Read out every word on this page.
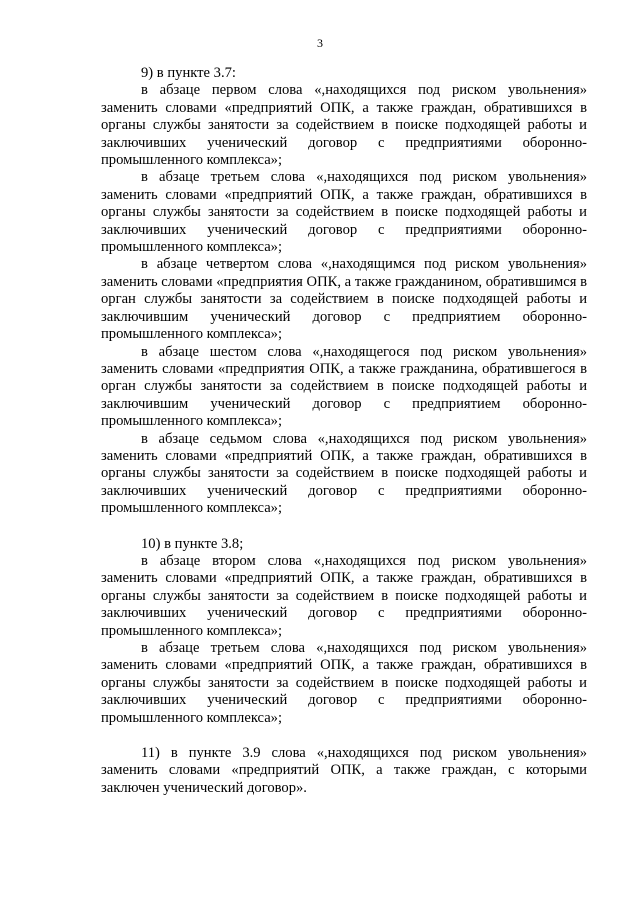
3

9) в пункте 3.7:

в абзаце первом слова «,находящихся под риском увольнения» заменить словами «предприятий ОПК, а также граждан, обратившихся в органы службы занятости за содействием в поиске подходящей работы и заключивших ученический договор с предприятиями оборонно-промышленного комплекса»;

в абзаце третьем слова «,находящихся под риском увольнения» заменить словами «предприятий ОПК, а также граждан, обратившихся в органы службы занятости за содействием в поиске подходящей работы и заключивших ученический договор с предприятиями оборонно-промышленного комплекса»;

в абзаце четвертом слова «,находящимся под риском увольнения» заменить словами «предприятия ОПК, а также гражданином, обратившимся в орган службы занятости за содействием в поиске подходящей работы и заключившим ученический договор с предприятием оборонно-промышленного комплекса»;

в абзаце шестом слова «,находящегося под риском увольнения» заменить словами «предприятия ОПК, а также гражданина, обратившегося в орган службы занятости за содействием в поиске подходящей работы и заключившим ученический договор с предприятием оборонно-промышленного комплекса»;

в абзаце седьмом слова «,находящихся под риском увольнения» заменить словами «предприятий ОПК, а также граждан, обратившихся в органы службы занятости за содействием в поиске подходящей работы и заключивших ученический договор с предприятиями оборонно-промышленного комплекса»;

10) в пункте 3.8;

в абзаце втором слова «,находящихся под риском увольнения» заменить словами «предприятий ОПК, а также граждан, обратившихся в органы службы занятости за содействием в поиске подходящей работы и заключивших ученический договор с предприятиями оборонно-промышленного комплекса»;

в абзаце третьем слова «,находящихся под риском увольнения» заменить словами «предприятий ОПК, а также граждан, обратившихся в органы службы занятости за содействием в поиске подходящей работы и заключивших ученический договор с предприятиями оборонно-промышленного комплекса»;

11) в пункте 3.9 слова «,находящихся под риском увольнения» заменить словами «предприятий ОПК, а также граждан, с которыми заключен ученический договор».
